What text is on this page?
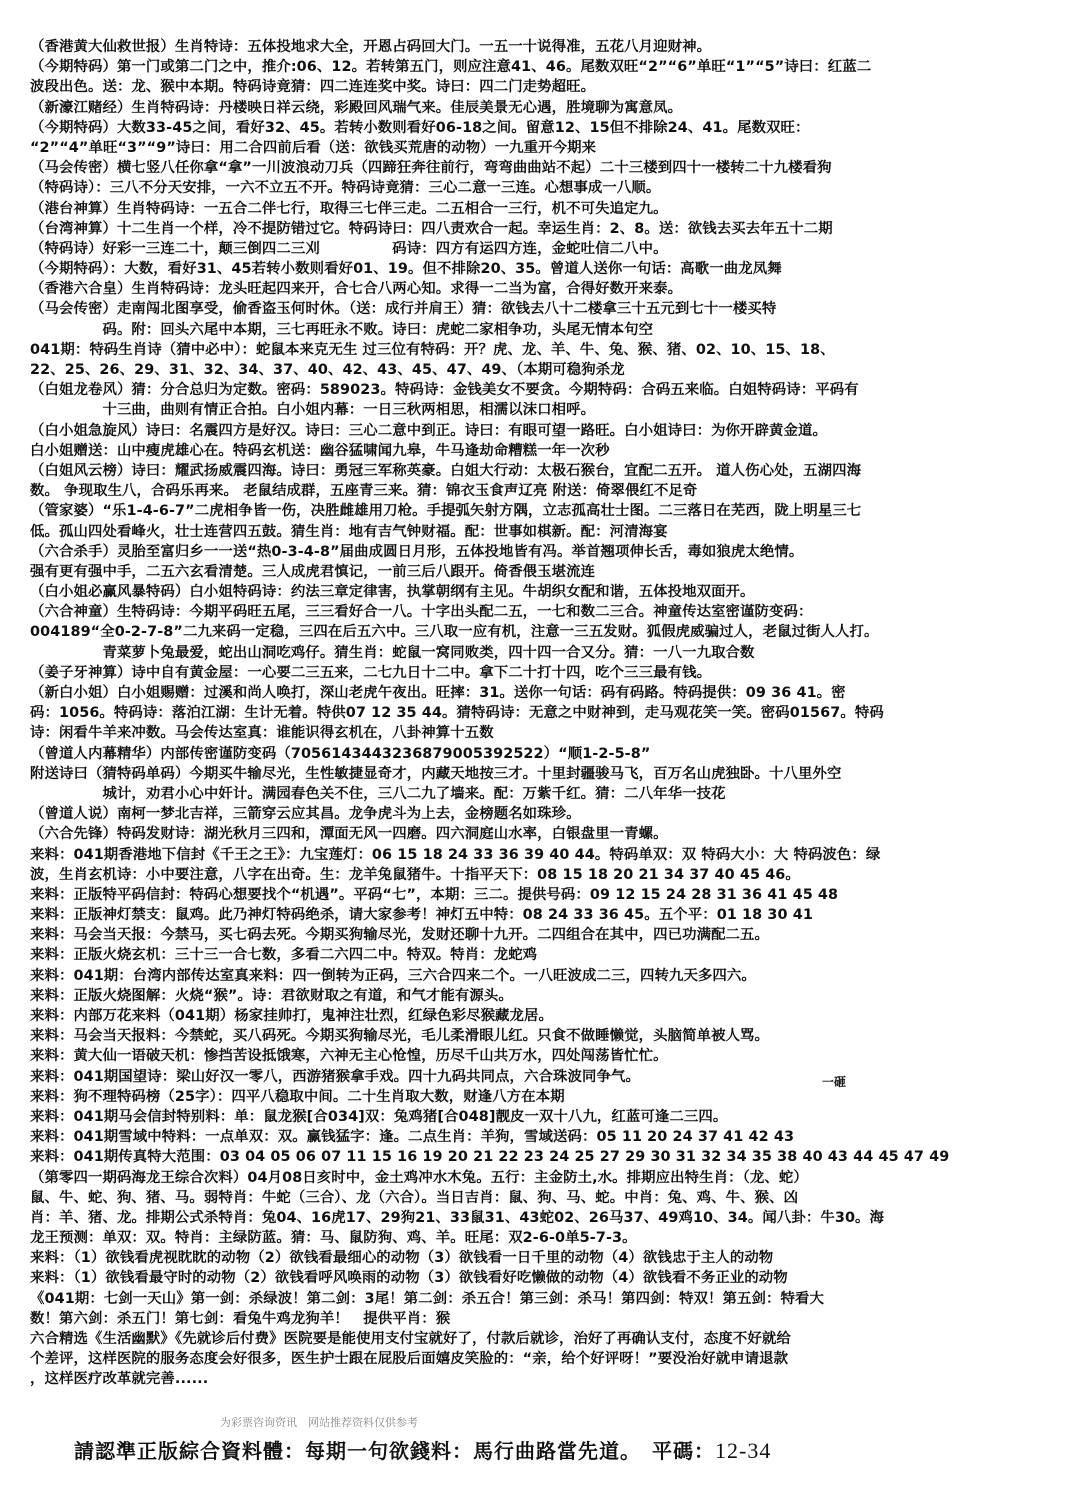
（香港黄大仙救世报）生肖特诗：五体投地求大全，开恩占码回大门。一五一十说得准，五花八月迎财神。
（今期特码）第一门或第二门之中，推介:06、12。若转第五门，则应注意41、46。尾数双旺“2”“6”单旺“1”“5”诗曰：红蓝二
波段出色。送：龙、猴中本期。特码诗竟猜：四二连连奖中奖。诗曰：四二门走势超旺。
（新濠江赌经）生肖特码诗：丹楼映日祥云绕，彩殿回风瑞气来。佳辰美景无心遇，胜境聊为寓意凤。
（今期特码）大数33-45之间，看好32、45。若转小数则看好06-18之间。留意12、15但不排除24、41。尾数双旺：
“2”“4”单旺“3”“9”诗曰：用二合四前后看（送：欲钱买荒唐的动物）一九重开今期来
（马会传密）横七竖八任你拿“拿”一川波浪动刀兵（四蹄狂奔往前行，弯弯曲曲站不起）二十三楼到四十一楼转二十九楼看狗
（特码诗）：三八不分天安排，一六不立五不开。特码诗竟猜：三心二意一三连。心想事成一八顺。
（港台神算）生肖特码诗：一五合二伴七行，取得三七伴三走。二五相合一三行，机不可失追定九。
（台湾神算）十二生肖一个样，冷不提防错过它。特码诗曰：四八责欢合一起。幸运生肖：2、8。送：欲钱去买去年五十二期
（特码诗）好彩一三连二十，颠三倒四二三刈　　　　　码诗：四方有运四方连，金蛇吐信二八中。
（今期特码）：大数，看好31、45若转小数则看好01、19。但不排除20、35。曾道人送你一句话：高歌一曲龙凤舞
（香港六合皇）生肖特码诗：龙头旺起四来开，合七合八两心知。求得一二当为富，合得好数开来泰。
（马会传密）走南闯北图享受，偷香盗玉何时休。（送：成行并肩王）猜：欲钱去八十二楼拿三十五元到七十一楼买特
　　　　　码。附：回头六尾中本期，三七再旺永不败。诗曰：虎蛇二家相争功，头尾无情本句空
041期：特码生肖诗（猜中必中）：蛇鼠本来克无生 过三位有特码：开？虎、龙、羊、牛、兔、猴、猪、02、10、15、18、
22、25、26、29、31、32、34、37、40、42、43、45、47、49、（本期可稳狗杀龙
（白姐龙卷风）猜：分合总归为定数。密码：589023。特码诗：金钱美女不要贪。今期特码：合码五来临。白姐特码诗：平码有
　　　　　十三曲，曲则有情正合拍。白小姐内幕：一日三秋两相思，相濡以沫口相呼。
（白小姐急旋风）诗曰：名震四方是好汉。诗曰：三心二意中到正。诗曰：有眼可望一路旺。白小姐诗曰：为你开辟黄金道。
白小姐赠送：山中瘦虎雄心在。特码玄机送：幽谷猛啸闻九皋，牛马逢劫命糟糕一年一次秒
（白姐风云榜）诗曰：耀武扬威震四海。诗曰：勇冠三军称英豪。白姐大行动：太极石猴台，宜配二五开。 道人伤心处，五湖四海
数。 争现取生八，合码乐再来。 老鼠结成群，五座青三来。猜：锦衣玉食声辽亮 附送：倚翠偎红不足奇
（管家婆）“乐1-4-6-7”二虎相争皆一伤，决胜雌雄用刀枪。手提弧矢射方隅，立志孤高壮士图。二三落日在芜西，陇上明星三七
低。孤山四处看峰火，壮士连营四五鼓。猜生肖：地有吉气钟财福。配：世事如棋新。配：河清海宴
（六合杀手）灵胎至富归乡一一送“热0-3-4-8”届曲成圆日月形，五体投地皆有冯。举首翘项伸长舌，毒如狼虎太绝情。
强有更有强中手，二五六玄看清楚。三人成虎君慎记，一前三后八跟开。倚香偎玉堪流连
（白小姐必赢风暴特码）白小姐特码诗：约法三章定律害，执掌朝纲有主见。牛胡织女配和谐，五体投地双面开。
（六合神童）生特码诗：今期平码旺五尾，三三看好合一八。十字出头配二五，一七和数二三合。神童传达室密谨防变码：
004189“全0-2-7-8”二九来码一定稳，三四在后五六中。三八取一应有机，注意一三五发财。狐假虎威骗过人，老鼠过街人人打。
　　　　　青菜萝卜兔最爱，蛇出山洞吃鸡仔。猜生肖：蛇鼠一窝同败类，四十四一合又分。猜：一八一九取合数
（姜子牙神算）诗中自有黄金屋：一心要二三五来，二七九日十二中。拿下二十打十四，吃个三三最有钱。
（新白小姐）白小姐赐赠：过溪和尚人唤打，深山老虎午夜出。旺摔：31。送你一句话：码有码路。特码提供：09 36 41。密
码：1056。特码诗：落泊江湖：生计无着。特供07 12 35 44。猜特码诗：无意之中财神到，走马观花笑一笑。密码01567。特码
诗：闲看牛羊来冲数。马会传达室真：谁能识得玄机在，八卦神算十五数
（曾道人内幕精华）内部传密谨防变码（705614344323687900539252​2）“顺1-2-5-8”
附送诗曰（猜特码单码）今期买牛输尽光，生性敏捷显奇才，内藏天地按三才。十里封疆骏马飞，百万名山虎独卧。十八里外空
　　　　　城计，劝君小心中奸计。满园春色关不住，三八二九了墙来。配：万紫千红。猜：二八年华一技花
（曾道人说）南柯一梦北吉祥，三箭穿云应其昌。龙争虎斗为上去，金榜题名如珠珍。
（六合先锋）特码发财诗：湖光秋月三四和，潭面无风一四磨。四六洞庭山水率，白银盘里一青螺。
来料：041期香港地下信封《千王之王》：九宝莲灯：06 15 18 24 33 36 39 40 44。特码单双：双 特码大小：大 特码波色：绿
波，生肖玄机诗：小中要注意，八字在出奇。生：龙羊兔鼠猪牛。十指平天下：08 15 18 20 21 34 37 40 45 46。
来料：正版特平码信封：特码心想要找个“机遇”。平码“七”，本期：三二。提供号码：09 12 15 24 28 31 36 41 45 48
来料：正版神灯禁支：鼠鸡。此乃神灯特码绝杀，请大家参考！神灯五中特：08 24 33 36 45。五个平：01 18 30 41
来料：马会当天报：今禁马，买七码去死。今期买狗输尽光，发财还聊十九开。二四组合在其中，四已功满配二五。
来料：正版火烧玄机：三十三一合七数，多看二六四二中。特双。特肖：龙蛇鸡
来料：041期：台湾内部传达室真来料：四一倒转为正码，三六合四来二个。一八旺波成二三，四转九天多四六。
来料：正版火烧图解：火烧“猴”。诗：君欲财取之有道，和气才能有源头。
来料：内部万花来料（041期）杨家挂帅打，鬼神注壮烈，红绿色彩尽猴藏龙居。
来料：马会当天报料：今禁蛇，买八码死。今期买狗输尽光，毛儿柔滑眼儿红。只食不做睡懒觉，头脑简单被人骂。
来料：黄大仙一语破天机：惨挡苦设抵饿寒，六神无主心怆惶，历尽千山共万水，四处闯荡皆忙忙。
来料：041期国望诗：梁山好汉一零八，西游猪猴拿手戏。四十九码共同点，六合珠波同争气。
来料：狗不理特码榜（25字）：四平八稳取中间。二十生肖取大数，财逢八方在本期
来料：041期马会信封特别料：单：鼠龙猴[合034]双：兔鸡猪[合048]靓皮一双十八九，红蓝可逢二三四。
来料：041期雪域中特料：一点单双：双。赢钱猛字：逢。二点生肖：羊狗，雪域送码：05 11 20 24 37 41 42 43
来料：041期传真特大范围：03 04 05 06 07 11 15 16 19 20 21 22 23 24 25 27 29 30 31 32 34 35 38 40 43 44 45 47 49
（第零四一期码海龙王综合次料）04月08日亥时中，金土鸡冲水木兔。五行：主金防土,水。排期应出特生肖：（龙、蛇）
鼠、牛、蛇、狗、猪、马。弱特肖：牛蛇（三合）、龙（六合）。当日吉肖：鼠、狗、马、蛇。中肖：兔、鸡、牛、猴、凶
肖：羊、猪、龙。排期公式杀特肖：兔04、16虎17、29狗21、33鼠31、43蛇02、26马37、49鸡10、34。闻八卦：牛30。海
龙王预测：单双：双。特肖：主绿防蓝。猜：马、鼠防狗、鸡、羊。旺尾：双2-6-0单5-7-3。
来料：（1）欲钱看虎视眈眈的动物（2）欲钱看最细心的动物（3）欲钱看一日千里的动物（4）欲钱忠于主人的动物
来料：（1）欲钱看最守时的动物（2）欲钱看呼风唤雨的动物（3）欲钱看好吃懒做的动物（4）欲钱看不务正业的动物
《041期：七剑一天山》第一剑：杀绿波！第二剑：3尾！第二剑：杀五合！第三剑：杀马！第四剑：特双！第五剑：特看大
数！第六剑：杀五门！第七剑：看兔牛鸡龙狗羊！　提供平肖：猴
六合精选《生活幽默》《先就诊后付费》医院要是能使用支付宝就好了，付款后就诊，治好了再确认支付，态度不好就给
个差评，这样医院的服务态度会好很多，医生护士跟在屁股后面嬉皮笑脸的：“亲，给个好评呀！”要没治好就申请退款
，这样医疗改革就完善......
一砸
为彩票咨询资讯　网站推荐资料仅供参考
請認準正版綜合資料體：每期一句欲錢料：馬行曲路當先道。　平碼：12-34
